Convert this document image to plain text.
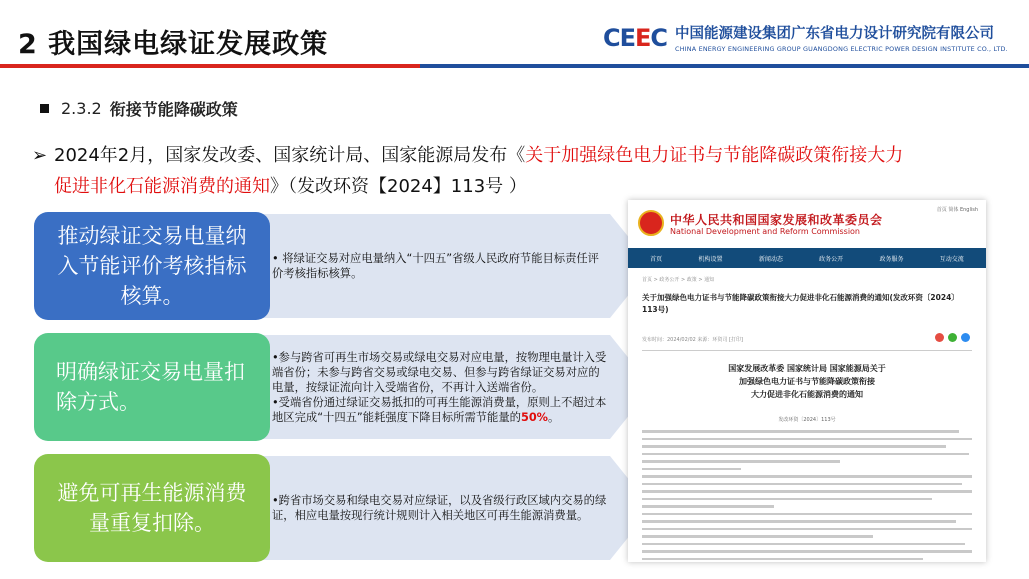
2 我国绿电绿证发展政策	CEEC 中国能源建设集团广东省电力设计研究院有限公司
CHINA ENERGY ENGINEERING GROUP GUANGDONG ELECTRIC POWER DESIGN INSTITUTE CO., LTD.
2.3.2 衔接节能降碳政策
➢ 2024年2月，国家发改委、国家统计局、国家能源局发布《关于加强绿色电力证书与节能降碳政策衔接大力
促进非化石能源消费的通知》（发改环资【2024】113号 ）
推动绿证交易电量纳入节能评价考核指标核算。

• 将绿证交易对应电量纳入“十四五”省级人民政府节能目标责任评价考核指标核算。

明确绿证交易电量扣除方式。

•参与跨省可再生市场交易或绿电交易对应电量，按物理电量计入受端省份；未参与跨省交易或绿电交易、但参与跨省绿证交易对应的电量，按绿证流向计入受端省份，不再计入送端省份。

•受端省份通过绿证交易抵扣的可再生能源消费量，原则上不超过本地区完成“十四五”能耗强度下降目标所需节能量的50%。

避免可再生能源消费量重复扣除。

•跨省市场交易和绿电交易对应绿证，以及省级行政区域内交易的绿证，相应电量按现行统计规则计入相关地区可再生能源消费量。

中华人民共和国国家发展和改革委员会
National Development and Reform Commission
首页 简体 English
首页	机构设置	新闻动态	政务公开	政务服务	互动交流
首页 > 政务公开 > 政策 > 通知
关于加强绿色电力证书与节能降碳政策衔接大力促进非化石能源消费的通知(发改环资〔2024〕113号)
发布时间：2024/02/02 来源：环资司 [打印]
国家发展改革委 国家统计局 国家能源局关于
加强绿色电力证书与节能降碳政策衔接
大力促进非化石能源消费的通知
发改环资〔2024〕113号
